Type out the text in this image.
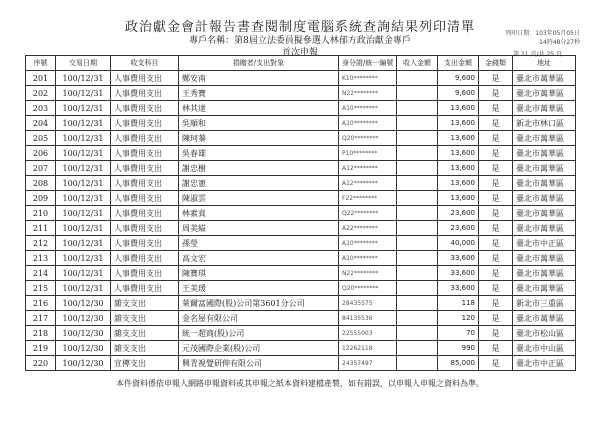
政治獻金會計報告書查閱制度電腦系統查詢結果列印清單
專戶名稱：第8屆立法委員擬參選人林郁方政治獻金專戶
首次申報
列印日期：103年05月05日
14時48分27秒
第 11 頁/共 25 頁
序號	交易日期	收支科目	捐贈者/支出對象	身分證/統一編號	收入金額	支出金額	金錢類	地址
201	100/12/31	人事費用支出	鄭安南	K10********		9,600	是	臺北市萬華區
202	100/12/31	人事費用支出	王秀寶	N22********		9,600	是	臺北市萬華區
203	100/12/31	人事費用支出	林其達	A10********		13,600	是	臺北市萬華區
204	100/12/31	人事費用支出	吳順和	A10********		13,600	是	新北市林口區
205	100/12/31	人事費用支出	陳珂蓁	Q20********		13,600	是	臺北市萬華區
206	100/12/31	人事費用支出	吳春雄	P10********		13,600	是	臺北市萬華區
207	100/12/31	人事費用支出	謝忠樹	A12********		13,600	是	臺北市萬華區
208	100/12/31	人事費用支出	謝忠憲	A12********		13,600	是	臺北市萬華區
209	100/12/31	人事費用支出	陳淑雲	F22********		13,600	是	臺北市萬華區
210	100/12/31	人事費用支出	林素真	Q22********		23,600	是	臺北市萬華區
211	100/12/31	人事費用支出	周美縊	A22********		23,600	是	臺北市萬華區
212	100/12/31	人事費用支出	孫瑩	A10********		40,000	是	臺北市中正區
213	100/12/31	人事費用支出	高文宏	A10********		33,600	是	臺北市萬華區
214	100/12/31	人事費用支出	陳寶琪	N22********		33,600	是	臺北市萬華區
215	100/12/31	人事費用支出	王美瑗	Q20********		33,600	是	臺北市萬華區
216	100/12/30	雜支支出	萊爾富國際(股)公司第3601分公司	28435575		118	是	新北市三重區
217	100/12/30	雜支支出	金名屋有限公司	84135536		120	是	臺北市萬華區
218	100/12/30	雜支支出	統一超商(股)公司	22555003		70	是	臺北市松山區
219	100/12/30	雜支支出	元茂國際企業(股)公司	12262118		990	是	臺北市中山區
220	100/12/30	宣傳支出	興青視覺研伸有限公司	24357497		85,000	是	臺北市中正區
本件資料係依申報人網路申報資料或其申報之紙本資料建檔產製，如有錯誤，以申報人申報之資料為準。
